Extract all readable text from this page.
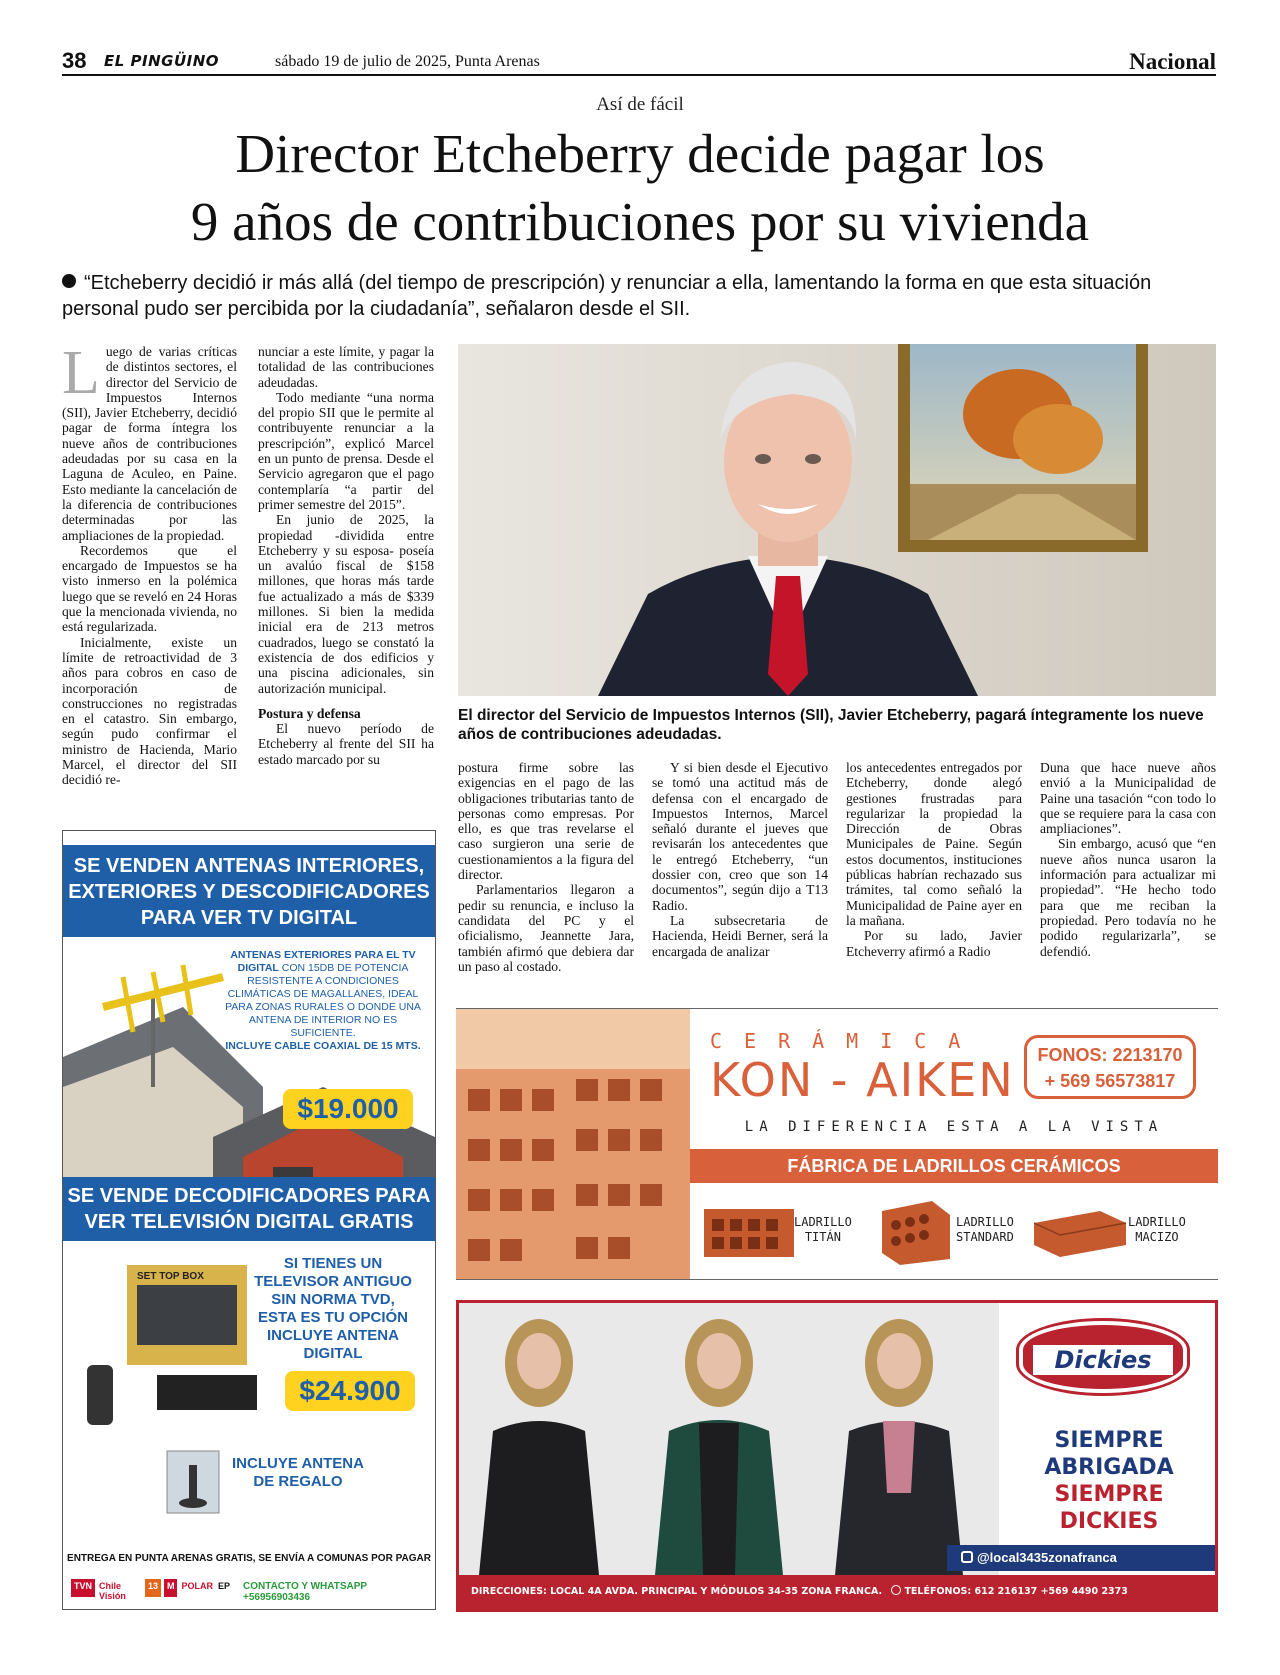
38 EL PINGÜINO	sábado 19 de julio de 2025, Punta Arenas	Nacional
Así de fácil
Director Etcheberry decide pagar los
9 años de contribuciones por su vivienda
“Etcheberry decidió ir más allá (del tiempo de prescripción) y renunciar a ella, lamentando la forma en que esta situación personal pudo ser percibida por la ciudadanía”, señalaron desde el SII.

Luego de varias críticas de distintos sectores, el director del Servicio de Impuestos Internos (SII), Javier Etcheberry, decidió pagar de forma íntegra los nueve años de contribuciones adeudadas por su casa en la Laguna de Aculeo, en Paine. Esto mediante la cancelación de la diferencia de contribuciones determinadas por las ampliaciones de la propiedad.

Recordemos que el encargado de Impuestos se ha visto inmerso en la polémica luego que se reveló en 24 Horas que la mencionada vivienda, no está regularizada.

Inicialmente, existe un límite de retroactividad de 3 años para cobros en caso de incorporación de construcciones no registradas en el catastro. Sin embargo, según pudo confirmar el ministro de Hacienda, Mario Marcel, el director del SII decidió re-

nunciar a este límite, y pagar la totalidad de las contribuciones adeudadas.

Todo mediante “una norma del propio SII que le permite al contribuyente renunciar a la prescripción”, explicó Marcel en un punto de prensa. Desde el Servicio agregaron que el pago contemplaría “a partir del primer semestre del 2015”.

En junio de 2025, la propiedad -dividida entre Etcheberry y su esposa- poseía un avalúo fiscal de $158 millones, que horas más tarde fue actualizado a más de $339 millones. Si bien la medida inicial era de 213 metros cuadrados, luego se constató la existencia de dos edificios y una piscina adicionales, sin autorización municipal.

Postura y defensa

El nuevo período de Etcheberry al frente del SII ha estado marcado por su

El director del Servicio de Impuestos Internos (SII), Javier Etcheberry, pagará íntegramente los nueve años de contribuciones adeudadas.

postura firme sobre las exigencias en el pago de las obligaciones tributarias tanto de personas como empresas. Por ello, es que tras revelarse el caso surgieron una serie de cuestionamientos a la figura del director.

Parlamentarios llegaron a pedir su renuncia, e incluso la candidata del PC y el oficialismo, Jeannette Jara, también afirmó que debiera dar un paso al costado.

Y si bien desde el Ejecutivo se tomó una actitud más de defensa con el encargado de Impuestos Internos, Marcel señaló durante el jueves que revisarán los antecedentes que le entregó Etcheberry, “un dossier con, creo que son 14 documentos”, según dijo a T13 Radio.

La subsecretaria de Hacienda, Heidi Berner, será la encargada de analizar

los antecedentes entregados por Etcheberry, donde alegó gestiones frustradas para regularizar la propiedad la Dirección de Obras Municipales de Paine. Según estos documentos, instituciones públicas habrían rechazado sus trámites, tal como señaló la Municipalidad de Paine ayer en la mañana.

Por su lado, Javier Etcheverry afirmó a Radio

Duna que hace nueve años envió a la Municipalidad de Paine una tasación “con todo lo que se requiere para la casa con ampliaciones”.

Sin embargo, acusó que “en nueve años nunca usaron la información para actualizar mi propiedad”. “He hecho todo para que me reciban la propiedad. Pero todavía no he podido regularizarla”, se defendió.

SE VENDEN ANTENAS INTERIORES,
EXTERIORES Y DESCODIFICADORES
PARA VER TV DIGITAL
ANTENAS EXTERIORES PARA EL TV DIGITAL CON 15DB DE POTENCIA RESISTENTE A CONDICIONES CLIMÁTICAS DE MAGALLANES, IDEAL PARA ZONAS RURALES O DONDE UNA ANTENA DE INTERIOR NO ES SUFICIENTE.
INCLUYE CABLE COAXIAL DE 15 MTS.
$19.000
SE VENDE DECODIFICADORES PARA
VER TELEVISIÓN DIGITAL GRATIS
SET TOP BOX
SI TIENES UN
TELEVISOR ANTIGUO
SIN NORMA TVD,
ESTA ES TU OPCIÓN
INCLUYE ANTENA
DIGITAL
$24.900
INCLUYE ANTENA
DE REGALO
ENTREGA EN PUNTA ARENAS GRATIS, SE ENVÍA A COMUNAS POR PAGAR
TVN Chile Visión
13	M POLAR EP CONTACTO Y WHATSAPP +56956903436
CERÁMICA
KON - AIKEN	FONOS: 2213170
+ 569 56573817
LA DIFERENCIA ESTA A LA VISTA
FÁBRICA DE LADRILLOS CERÁMICOS
LADRILLO
TITÁN
LADRILLO
STANDARD
LADRILLO
MACIZO
Dickies
SIEMPRE
ABRIGADA
SIEMPRE
DICKIES
@local3435zonafranca
DIRECCIONES: LOCAL 4A AVDA. PRINCIPAL Y MÓDULOS 34-35 ZONA FRANCA. TELÉFONOS: 612 216137 +569 4490 2373
